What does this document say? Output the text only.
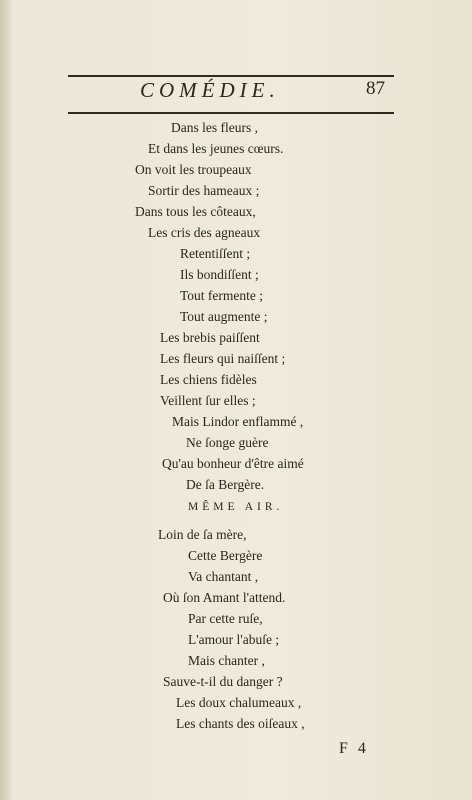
COMÉDIE.	87
Dans les fleurs ,
Et dans les jeunes cœurs.
On voit les troupeaux
Sortir des hameaux ;
Dans tous les côteaux,
Les cris des agneaux
Retentiſſent ;
Ils bondiſſent ;
Tout fermente ;
Tout augmente ;
Les brebis paiſſent
Les fleurs qui naiſſent ;
Les chiens fidèles
Veillent ſur elles ;
Mais Lindor enflammé ,
Ne ſonge guère
Qu'au bonheur d'être aimé
De ſa Bergère.
MÊME AIR.
Loin de ſa mère,
Cette Bergère
Va chantant ,
Où ſon Amant l'attend.
Par cette ruſe,
L'amour l'abuſe ;
Mais chanter ,
Sauve-t-il du danger ?
Les doux chalumeaux ,
Les chants des oiſeaux ,
F 4
